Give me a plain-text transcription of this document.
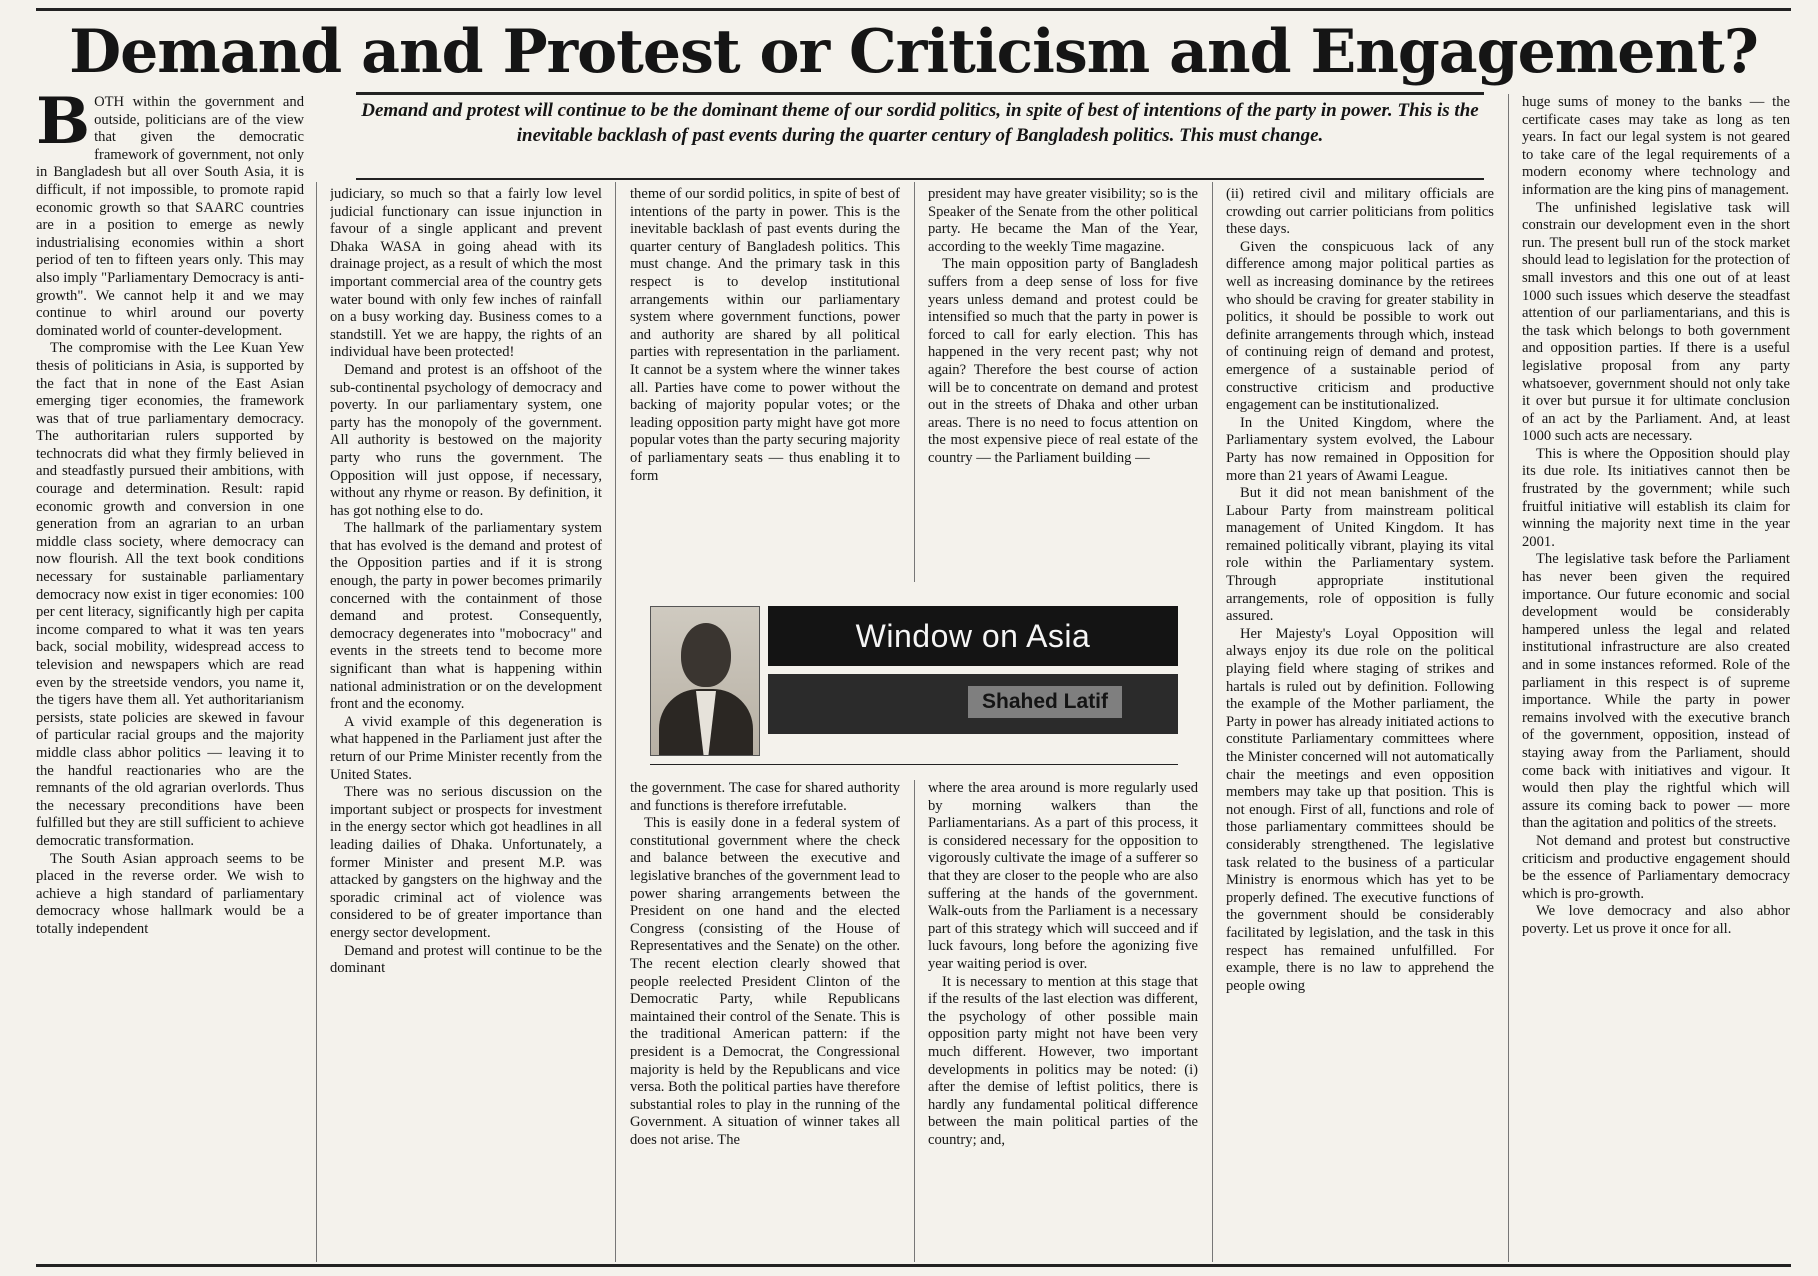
Demand and Protest or Criticism and Engagement?
Demand and protest will continue to be the dominant theme of our sordid politics, in spite of best of intentions of the party in power. This is the inevitable backlash of past events during the quarter century of Bangladesh politics. This must change.
B OTH within the government and outside, politicians are of the view that given the democratic framework of government, not only in Bangladesh but all over South Asia, it is difficult, if not impossible, to promote rapid economic growth so that SAARC countries are in a position to emerge as newly industrialising economies within a short period of ten to fifteen years only. This may also imply "Parliamentary Democracy is anti-growth". We cannot help it and we may continue to whirl around our poverty dominated world of counter-development.

The compromise with the Lee Kuan Yew thesis of politicians in Asia, is supported by the fact that in none of the East Asian emerging tiger economies, the framework was that of true parliamentary democracy. The authoritarian rulers supported by technocrats did what they firmly believed in and steadfastly pursued their ambitions, with courage and determination. Result: rapid economic growth and conversion in one generation from an agrarian to an urban middle class society, where democracy can now flourish. All the text book conditions necessary for sustainable parliamentary democracy now exist in tiger economies: 100 per cent literacy, significantly high per capita income compared to what it was ten years back, social mobility, widespread access to television and newspapers which are read even by the streetside vendors, you name it, the tigers have them all. Yet authoritarianism persists, state policies are skewed in favour of particular racial groups and the majority middle class abhor politics — leaving it to the handful reactionaries who are the remnants of the old agrarian overlords. Thus the necessary preconditions have been fulfilled but they are still sufficient to achieve democratic transformation.

The South Asian approach seems to be placed in the reverse order. We wish to achieve a high standard of parliamentary democracy whose hallmark would be a totally independent

judiciary, so much so that a fairly low level judicial functionary can issue injunction in favour of a single applicant and prevent Dhaka WASA in going ahead with its drainage project, as a result of which the most important commercial area of the country gets water bound with only few inches of rainfall on a busy working day. Business comes to a standstill. Yet we are happy, the rights of an individual have been protected!

Demand and protest is an offshoot of the sub-continental psychology of democracy and poverty. In our parliamentary system, one party has the monopoly of the government. All authority is bestowed on the majority party who runs the government. The Opposition will just oppose, if necessary, without any rhyme or reason. By definition, it has got nothing else to do.

The hallmark of the parliamentary system that has evolved is the demand and protest of the Opposition parties and if it is strong enough, the party in power becomes primarily concerned with the containment of those demand and protest. Consequently, democracy degenerates into "mobocracy" and events in the streets tend to become more significant than what is happening within national administration or on the development front and the economy.

A vivid example of this degeneration is what happened in the Parliament just after the return of our Prime Minister recently from the United States.

There was no serious discussion on the important subject or prospects for investment in the energy sector which got headlines in all leading dailies of Dhaka. Unfortunately, a former Minister and present M.P. was attacked by gangsters on the highway and the sporadic criminal act of violence was considered to be of greater importance than energy sector development.

Demand and protest will continue to be the dominant

theme of our sordid politics, in spite of best of intentions of the party in power. This is the inevitable backlash of past events during the quarter century of Bangladesh politics. This must change. And the primary task in this respect is to develop institutional arrangements within our parliamentary system where government functions, power and authority are shared by all political parties with representation in the parliament. It cannot be a system where the winner takes all. Parties have come to power without the backing of majority popular votes; or the leading opposition party might have got more popular votes than the party securing majority of parliamentary seats — thus enabling it to form

president may have greater visibility; so is the Speaker of the Senate from the other political party. He became the Man of the Year, according to the weekly Time magazine.

The main opposition party of Bangladesh suffers from a deep sense of loss for five years unless demand and protest could be intensified so much that the party in power is forced to call for early election. This has happened in the very recent past; why not again? Therefore the best course of action will be to concentrate on demand and protest out in the streets of Dhaka and other urban areas. There is no need to focus attention on the most expensive piece of real estate of the country — the Parliament building —

Window on Asia
Shahed Latif

the government. The case for shared authority and functions is therefore irrefutable.

This is easily done in a federal system of constitutional government where the check and balance between the executive and legislative branches of the government lead to power sharing arrangements between the President on one hand and the elected Congress (consisting of the House of Representatives and the Senate) on the other. The recent election clearly showed that people reelected President Clinton of the Democratic Party, while Republicans maintained their control of the Senate. This is the traditional American pattern: if the president is a Democrat, the Congressional majority is held by the Republicans and vice versa. Both the political parties have therefore substantial roles to play in the running of the Government. A situation of winner takes all does not arise. The

where the area around is more regularly used by morning walkers than the Parliamentarians. As a part of this process, it is considered necessary for the opposition to vigorously cultivate the image of a sufferer so that they are closer to the people who are also suffering at the hands of the government. Walk-outs from the Parliament is a necessary part of this strategy which will succeed and if luck favours, long before the agonizing five year waiting period is over.

It is necessary to mention at this stage that if the results of the last election was different, the psychology of other possible main opposition party might not have been very much different. However, two important developments in politics may be noted: (i) after the demise of leftist politics, there is hardly any fundamental political difference between the main political parties of the country; and,

(ii) retired civil and military officials are crowding out carrier politicians from politics these days.

Given the conspicuous lack of any difference among major political parties as well as increasing dominance by the retirees who should be craving for greater stability in politics, it should be possible to work out definite arrangements through which, instead of continuing reign of demand and protest, emergence of a sustainable period of constructive criticism and productive engagement can be institutionalized.

In the United Kingdom, where the Parliamentary system evolved, the Labour Party has now remained in Opposition for more than 21 years of Awami League.

But it did not mean banishment of the Labour Party from mainstream political management of United Kingdom. It has remained politically vibrant, playing its vital role within the Parliamentary system. Through appropriate institutional arrangements, role of opposition is fully assured.

Her Majesty's Loyal Opposition will always enjoy its due role on the political playing field where staging of strikes and hartals is ruled out by definition. Following the example of the Mother parliament, the Party in power has already initiated actions to constitute Parliamentary committees where the Minister concerned will not automatically chair the meetings and even opposition members may take up that position. This is not enough. First of all, functions and role of those parliamentary committees should be considerably strengthened. The legislative task related to the business of a particular Ministry is enormous which has yet to be properly defined. The executive functions of the government should be considerably facilitated by legislation, and the task in this respect has remained unfulfilled. For example, there is no law to apprehend the people owing

huge sums of money to the banks — the certificate cases may take as long as ten years. In fact our legal system is not geared to take care of the legal requirements of a modern economy where technology and information are the king pins of management.

The unfinished legislative task will constrain our development even in the short run. The present bull run of the stock market should lead to legislation for the protection of small investors and this one out of at least 1000 such issues which deserve the steadfast attention of our parliamentarians, and this is the task which belongs to both government and opposition parties. If there is a useful legislative proposal from any party whatsoever, government should not only take it over but pursue it for ultimate conclusion of an act by the Parliament. And, at least 1000 such acts are necessary.

This is where the Opposition should play its due role. Its initiatives cannot then be frustrated by the government; while such fruitful initiative will establish its claim for winning the majority next time in the year 2001.

The legislative task before the Parliament has never been given the required importance. Our future economic and social development would be considerably hampered unless the legal and related institutional infrastructure are also created and in some instances reformed. Role of the parliament in this respect is of supreme importance. While the party in power remains involved with the executive branch of the government, opposition, instead of staying away from the Parliament, should come back with initiatives and vigour. It would then play the rightful which will assure its coming back to power — more than the agitation and politics of the streets.

Not demand and protest but constructive criticism and productive engagement should be the essence of Parliamentary democracy which is pro-growth.

We love democracy and also abhor poverty. Let us prove it once for all.
